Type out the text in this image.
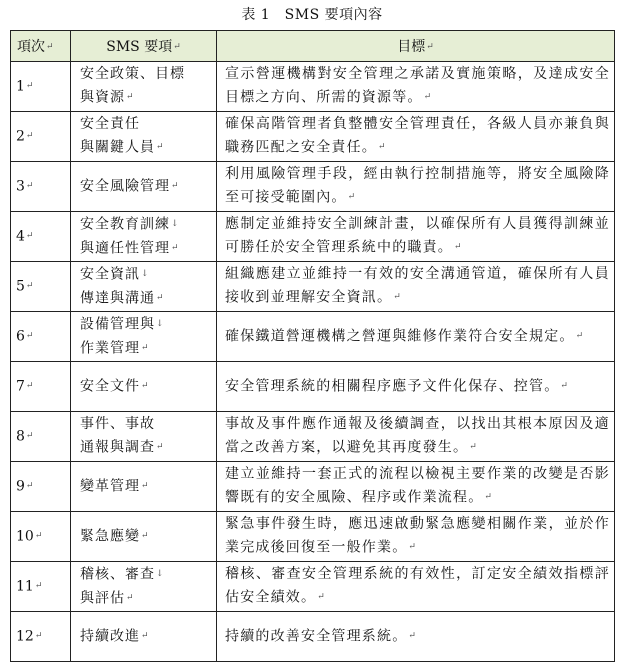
表 1　SMS 要項內容
項次↵	SMS 要項↵	目標↵
1↵	安全政策、目標
與資源↵	宣示營運機構對安全管理之承諾及實施策略，及達成安全目標之方向、所需的資源等。↵
2↵	安全責任
與關鍵人員↵	確保高階管理者負整體安全管理責任，各級人員亦兼負與職務匹配之安全責任。↵
3↵	安全風險管理↵	利用風險管理手段，經由執行控制措施等，將安全風險降至可接受範圍內。↵
4↵	安全教育訓練↓
與適任性管理↵	應制定並維持安全訓練計畫，以確保所有人員獲得訓練並可勝任於安全管理系統中的職責。↵
5↵	安全資訊↓
傳達與溝通↵	組織應建立並維持一有效的安全溝通管道，確保所有人員接收到並理解安全資訊。↵
6↵	設備管理與↓
作業管理↵	確保鐵道營運機構之營運與維修作業符合安全規定。↵
7↵	安全文件↵	安全管理系統的相關程序應予文件化保存、控管。↵
8↵	事件、事故
通報與調查↵	事故及事件應作通報及後續調查，以找出其根本原因及適當之改善方案，以避免其再度發生。↵
9↵	變革管理↵	建立並維持一套正式的流程以檢視主要作業的改變是否影響既有的安全風險、程序或作業流程。↵
10↵	緊急應變↵	緊急事件發生時，應迅速啟動緊急應變相關作業，並於作業完成後回復至一般作業。↵
11↵	稽核、審查↓
與評估↵	稽核、審查安全管理系統的有效性，訂定安全績效指標評估安全績效。↵
12↵	持續改進↵	持續的改善安全管理系統。↵
